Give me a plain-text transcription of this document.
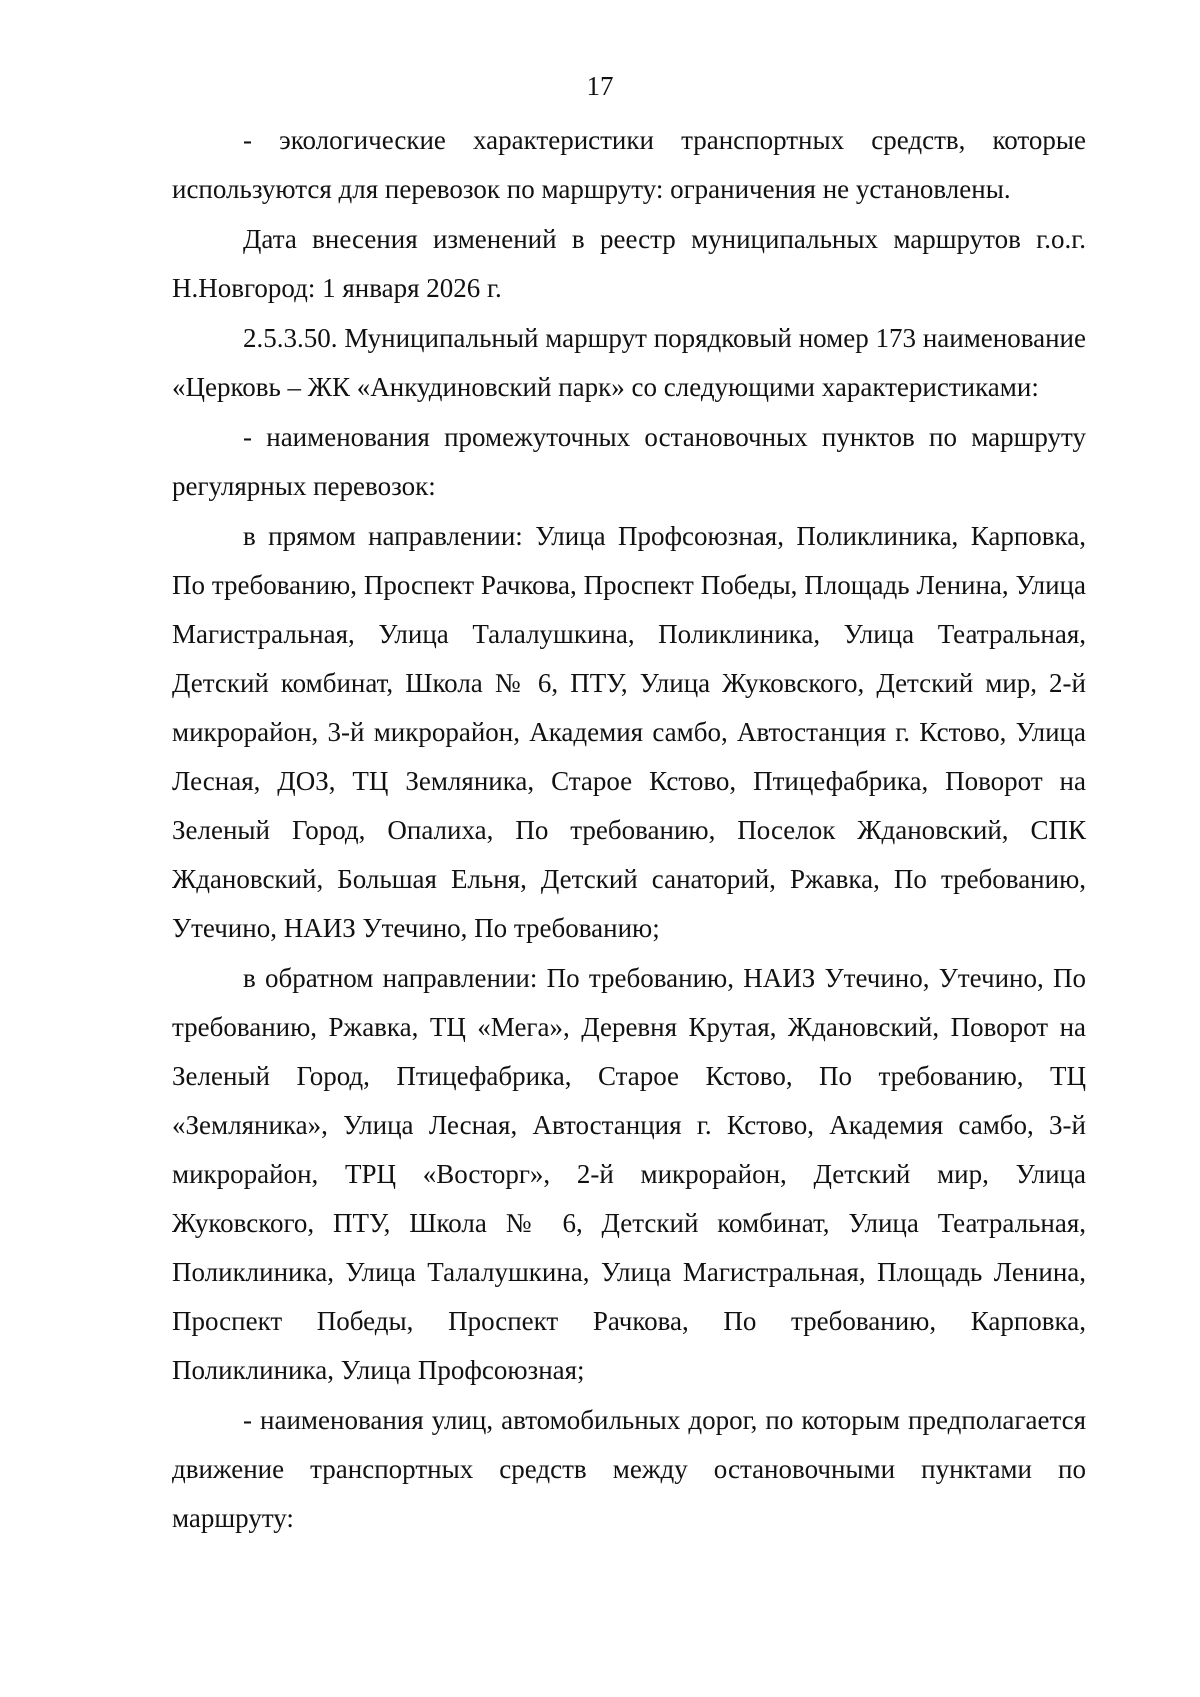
17

- экологические характеристики транспортных средств, которые используются для перевозок по маршруту: ограничения не установлены.

Дата внесения изменений в реестр муниципальных маршрутов г.о.г. Н.Новгород: 1 января 2026 г.

2.5.3.50. Муниципальный маршрут порядковый номер 173 наименование «Церковь – ЖК «Анкудиновский парк» со следующими характеристиками:

- наименования промежуточных остановочных пунктов по маршруту регулярных перевозок:

в прямом направлении: Улица Профсоюзная, Поликлиника, Карповка, По требованию, Проспект Рачкова, Проспект Победы, Площадь Ленина, Улица Магистральная, Улица Талалушкина, Поликлиника, Улица Театральная, Детский комбинат, Школа № 6, ПТУ, Улица Жуковского, Детский мир, 2-й микрорайон, 3-й микрорайон, Академия самбо, Автостанция г. Кстово, Улица Лесная, ДОЗ, ТЦ Земляника, Старое Кстово, Птицефабрика, Поворот на Зеленый Город, Опалиха, По требованию, Поселок Ждановский, СПК Ждановский, Большая Ельня, Детский санаторий, Ржавка, По требованию, Утечино, НАИЗ Утечино, По требованию;

в обратном направлении: По требованию, НАИЗ Утечино, Утечино, По требованию, Ржавка, ТЦ «Мега», Деревня Крутая, Ждановский, Поворот на Зеленый Город, Птицефабрика, Старое Кстово, По требованию, ТЦ «Земляника», Улица Лесная, Автостанция г. Кстово, Академия самбо, 3-й микрорайон, ТРЦ «Восторг», 2-й микрорайон, Детский мир, Улица Жуковского, ПТУ, Школа № 6, Детский комбинат, Улица Театральная, Поликлиника, Улица Талалушкина, Улица Магистральная, Площадь Ленина, Проспект Победы, Проспект Рачкова, По требованию, Карповка, Поликлиника, Улица Профсоюзная;

- наименования улиц, автомобильных дорог, по которым предполагается движение транспортных средств между остановочными пунктами по маршруту:
